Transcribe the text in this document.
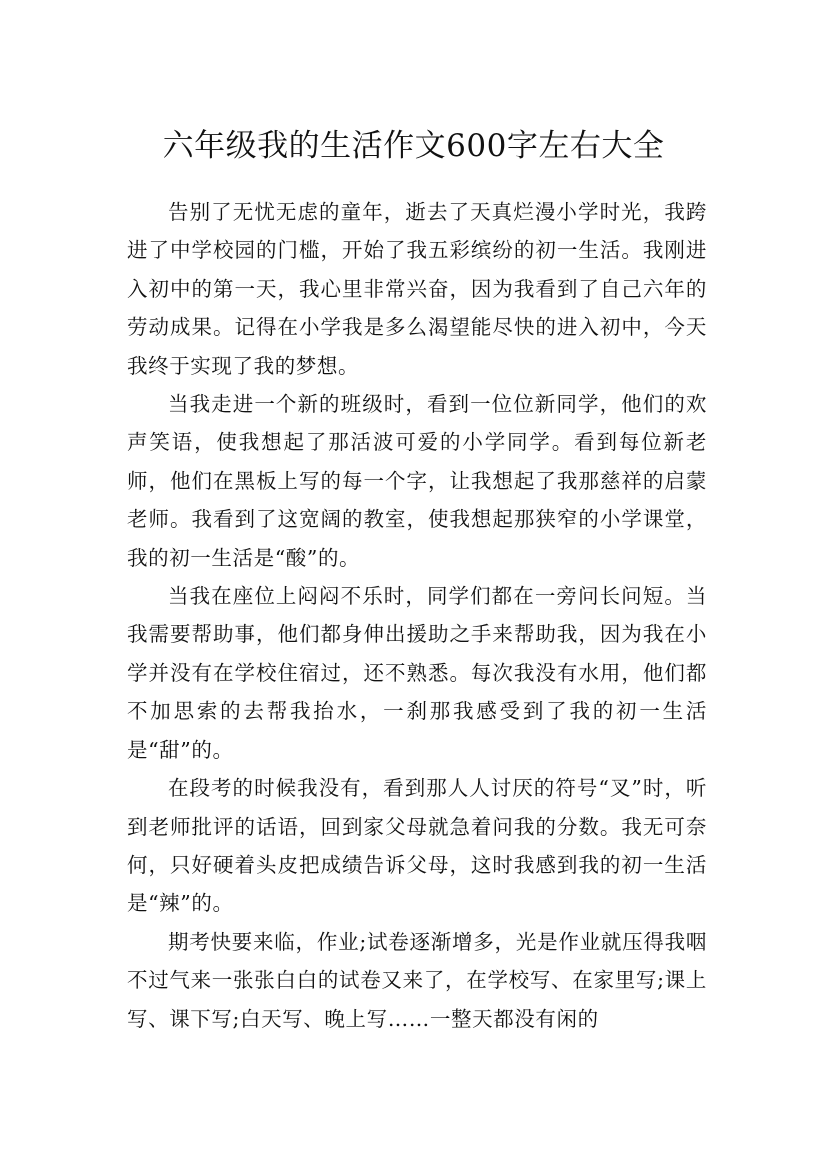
六年级我的生活作文600字左右大全

告别了无忧无虑的童年，逝去了天真烂漫小学时光，我跨进了中学校园的门槛，开始了我五彩缤纷的初一生活。我刚进入初中的第一天，我心里非常兴奋，因为我看到了自己六年的劳动成果。记得在小学我是多么渴望能尽快的进入初中，今天我终于实现了我的梦想。

当我走进一个新的班级时，看到一位位新同学，他们的欢声笑语，使我想起了那活波可爱的小学同学。看到每位新老师，他们在黑板上写的每一个字，让我想起了我那慈祥的启蒙老师。我看到了这宽阔的教室，使我想起那狭窄的小学课堂，我的初一生活是“酸”的。

当我在座位上闷闷不乐时，同学们都在一旁问长问短。当我需要帮助事，他们都身伸出援助之手来帮助我，因为我在小学并没有在学校住宿过，还不熟悉。每次我没有水用，他们都不加思索的去帮我抬水，一刹那我感受到了我的初一生活是“甜”的。

在段考的时候我没有，看到那人人讨厌的符号“叉”时，听到老师批评的话语，回到家父母就急着问我的分数。我无可奈何，只好硬着头皮把成绩告诉父母，这时我感到我的初一生活是“辣”的。

期考快要来临，作业;试卷逐渐增多，光是作业就压得我咽不过气来一张张白白的试卷又来了，在学校写、在家里写;课上写、课下写;白天写、晚上写……一整天都没有闲的
